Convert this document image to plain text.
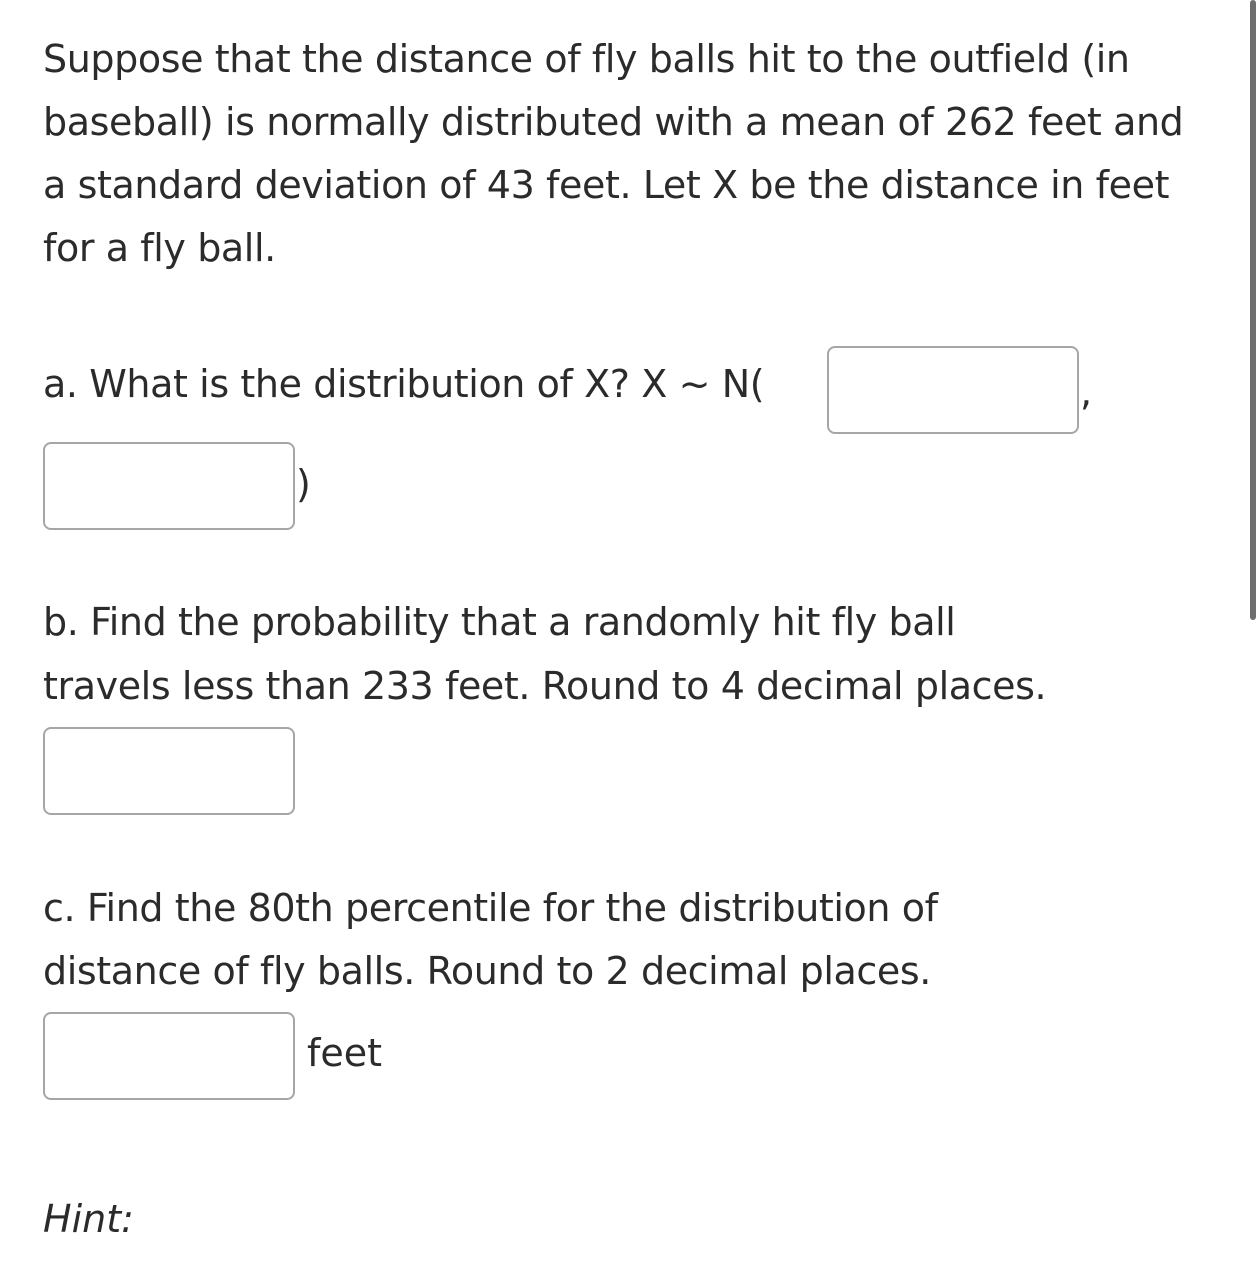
Suppose that the distance of fly balls hit to the outfield (in baseball) is normally distributed with a mean of 262 feet and a standard deviation of 43 feet. Let X be the distance in feet for a fly ball.

a. What is the distribution of X? X ~ N(	,
)

b. Find the probability that a randomly hit fly ball

travels less than 233 feet. Round to 4 decimal places.

c. Find the 80th percentile for the distribution of

distance of fly balls. Round to 2 decimal places.

feet

Hint:
